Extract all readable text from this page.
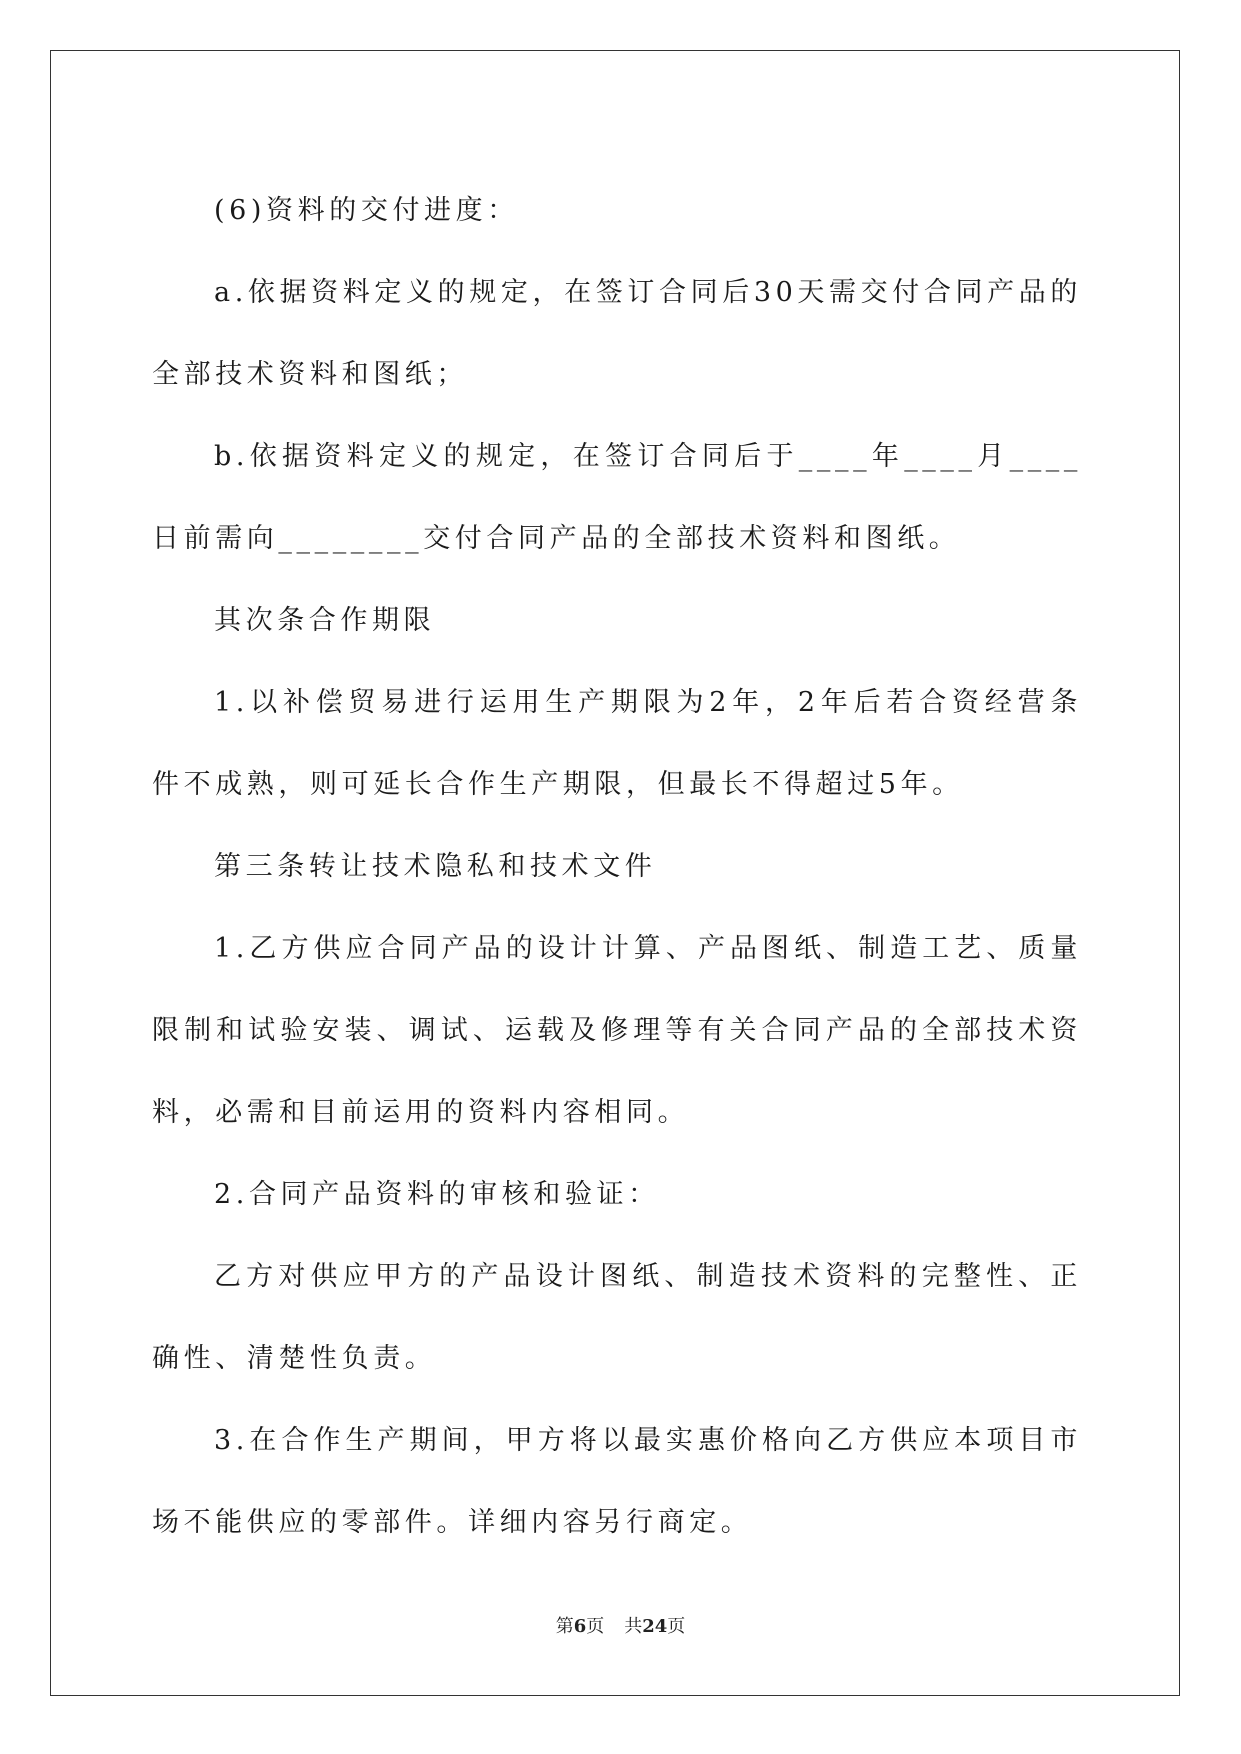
(6)资料的交付进度：

a.依据资料定义的规定，在签订合同后30天需交付合同产品的全部技术资料和图纸；

b.依据资料定义的规定，在签订合同后于____年____月____日前需向________交付合同产品的全部技术资料和图纸。

其次条合作期限

1.以补偿贸易进行运用生产期限为2年，2年后若合资经营条件不成熟，则可延长合作生产期限，但最长不得超过5年。

第三条转让技术隐私和技术文件

1.乙方供应合同产品的设计计算、产品图纸、制造工艺、质量限制和试验安装、调试、运载及修理等有关合同产品的全部技术资料，必需和目前运用的资料内容相同。

2.合同产品资料的审核和验证：

乙方对供应甲方的产品设计图纸、制造技术资料的完整性、正确性、清楚性负责。

3.在合作生产期间，甲方将以最实惠价格向乙方供应本项目市场不能供应的零部件。详细内容另行商定。

第6页 共24页
